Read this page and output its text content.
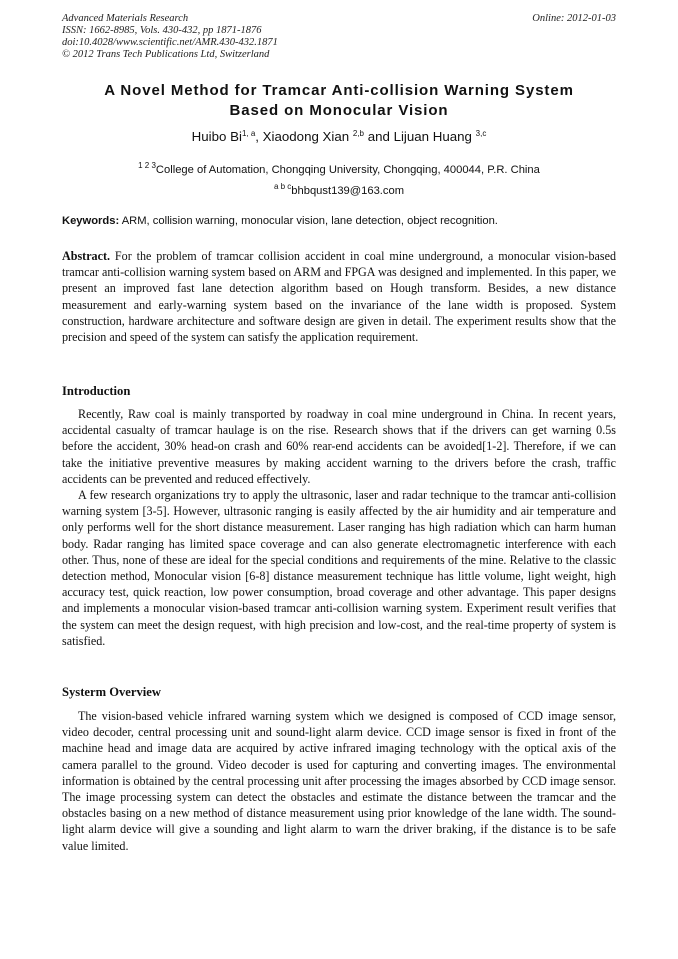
Advanced Materials Research
ISSN: 1662-8985, Vols. 430-432, pp 1871-1876
doi:10.4028/www.scientific.net/AMR.430-432.1871
© 2012 Trans Tech Publications Ltd, Switzerland
Online: 2012-01-03
A Novel Method for Tramcar Anti-collision Warning System
Based on Monocular Vision
Huibo Bi$^{1, a}$, Xiaodong Xian $^{2,b}$ and Lijuan Huang $^{3,c}$
$^{1 2 3}$College of Automation, Chongqing University, Chongqing, 400044, P.R. China
$^{a b c}$bhbqust139@163.com
Keywords: ARM, collision warning, monocular vision, lane detection, object recognition.
Abstract. For the problem of tramcar collision accident in coal mine underground, a monocular vision-based tramcar anti-collision warning system based on ARM and FPGA was designed and implemented. In this paper, we present an improved fast lane detection algorithm based on Hough transform. Besides, a new distance measurement and early-warning system based on the invariance of the lane width is proposed. System construction, hardware architecture and software design are given in detail. The experiment results show that the precision and speed of the system can satisfy the application requirement.
Introduction

Recently, Raw coal is mainly transported by roadway in coal mine underground in China. In recent years, accidental casualty of tramcar haulage is on the rise. Research shows that if the drivers can get warning 0.5s before the accident, 30% head-on crash and 60% rear-end accidents can be avoided[1-2]. Therefore, if we can take the initiative preventive measures by making accident warning to the drivers before the crash, traffic accidents can be prevented and reduced effectively.

A few research organizations try to apply the ultrasonic, laser and radar technique to the tramcar anti-collision warning system [3-5]. However, ultrasonic ranging is easily affected by the air humidity and air temperature and only performs well for the short distance measurement. Laser ranging has high radiation which can harm human body. Radar ranging has limited space coverage and can also generate electromagnetic interference with each other. Thus, none of these are ideal for the special conditions and requirements of the mine. Relative to the classic detection method, Monocular vision [6-8] distance measurement technique has little volume, light weight, high accuracy test, quick reaction, low power consumption, broad coverage and other advantage. This paper designs and implements a monocular vision-based tramcar anti-collision warning system. Experiment result verifies that the system can meet the design request, with high precision and low-cost, and the real-time property of system is satisfied.

Systerm Overview

The vision-based vehicle infrared warning system which we designed is composed of CCD image sensor, video decoder, central processing unit and sound-light alarm device. CCD image sensor is fixed in front of the machine head and image data are acquired by active infrared imaging technology with the optical axis of the camera parallel to the ground. Video decoder is used for capturing and converting images. The environmental information is obtained by the central processing unit after processing the images absorbed by CCD image sensor. The image processing system can detect the obstacles and estimate the distance between the tramcar and the obstacles basing on a new method of distance measurement using prior knowledge of the lane width. The sound-light alarm device will give a sounding and light alarm to warn the driver braking, if the distance is to be safe value limited.
